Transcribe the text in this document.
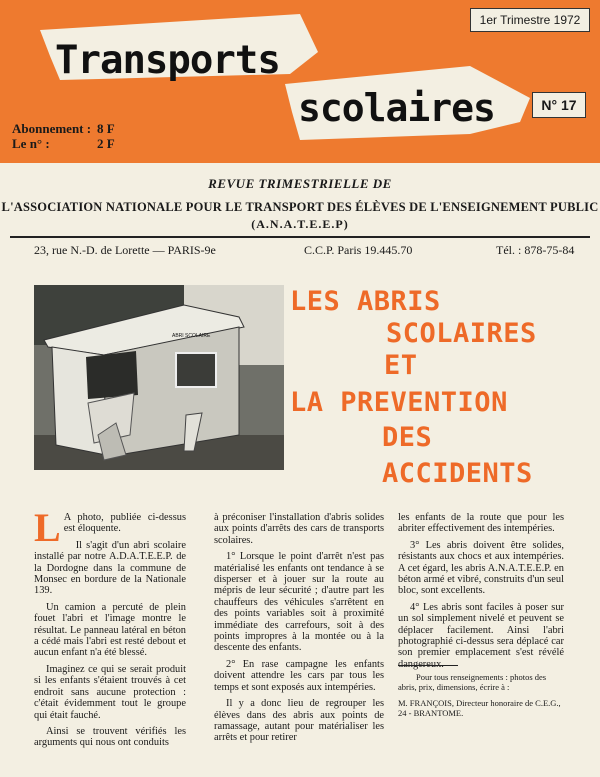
1er Trimestre 1972
Transports
scolaires	N° 17
Abonnement : 8 F
Le n° :	2 F
REVUE TRIMESTRIELLE DE
L'ASSOCIATION NATIONALE POUR LE TRANSPORT DES ÉLÈVES DE L'ENSEIGNEMENT PUBLIC
(A.N.A.T.E.E.P)
23, rue N.-D. de Lorette — PARIS-9e	C.C.P. Paris 19.445.70	Tél. : 878-75-84
ABRI SCOLAIRE
LES ABRIS
SCOLAIRES
ET
LA PREVENTION
DES
ACCIDENTS

L A photo, publiée ci-dessus est éloquente.

Il s'agit d'un abri scolaire installé par notre A.D.A.T.E.E.P. de la Dordogne dans la commune de Monsec en bordure de la Nationale 139.

Un camion a percuté de plein fouet l'abri et l'image montre le résultat. Le panneau latéral en béton a cédé mais l'abri est resté debout et aucun enfant n'a été blessé.

Imaginez ce qui se serait produit si les enfants s'étaient trouvés à cet endroit sans aucune protection : c'était évidemment tout le groupe qui était fauché.

Ainsi se trouvent vérifiés les arguments qui nous ont conduits

à préconiser l'installation d'abris solides aux points d'arrêts des cars de transports scolaires.

1° Lorsque le point d'arrêt n'est pas matérialisé les enfants ont tendance à se disperser et à jouer sur la route au mépris de leur sécurité ; d'autre part les chauffeurs des véhicules s'arrêtent en des points variables soit à proximité immédiate des carrefours, soit à des points impropres à la montée ou à la descente des enfants.

2° En rase campagne les enfants doivent attendre les cars par tous les temps et sont exposés aux intempéries.

Il y a donc lieu de regrouper les élèves dans des abris aux points de ramassage, autant pour matérialiser les arrêts et pour retirer

les enfants de la route que pour les abriter effectivement des intempéries.

3° Les abris doivent être solides, résistants aux chocs et aux intempéries. A cet égard, les abris A.N.A.T.E.E.P. en béton armé et vibré, construits d'un seul bloc, sont excellents.

4° Les abris sont faciles à poser sur un sol simplement nivelé et peuvent se déplacer facilement. Ainsi l'abri photographié ci-dessus sera déplacé car son premier emplacement s'est révélé

Pour tous renseignements : photos des abris, prix, dimensions, écrire à :
M. FRANÇOIS, Directeur honoraire de C.E.G., 24 - BRANTOME.
